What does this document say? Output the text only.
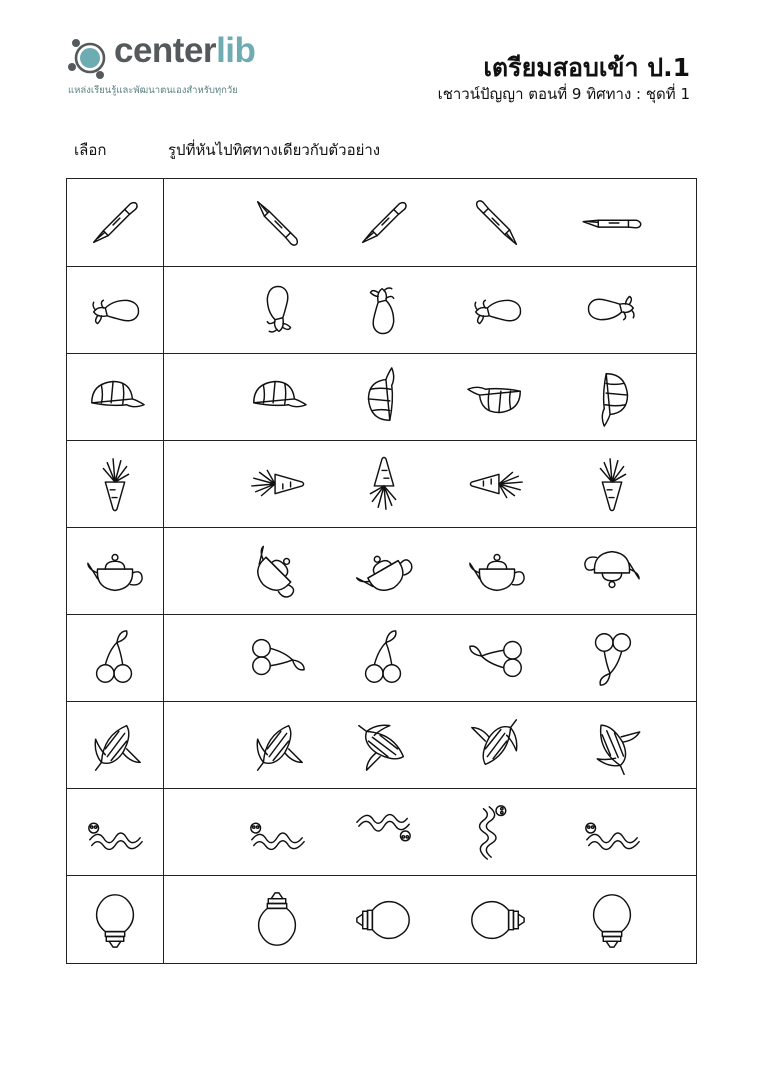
centerlib
แหล่งเรียนรู้และพัฒนาตนเองสำหรับทุกวัย
เตรียมสอบเข้า ป.1
เชาวน์ปัญญา ตอนที่ 9 ทิศทาง : ชุดที่ 1
เลือก	รูปที่หันไปทิศทางเดียวกับตัวอย่าง
